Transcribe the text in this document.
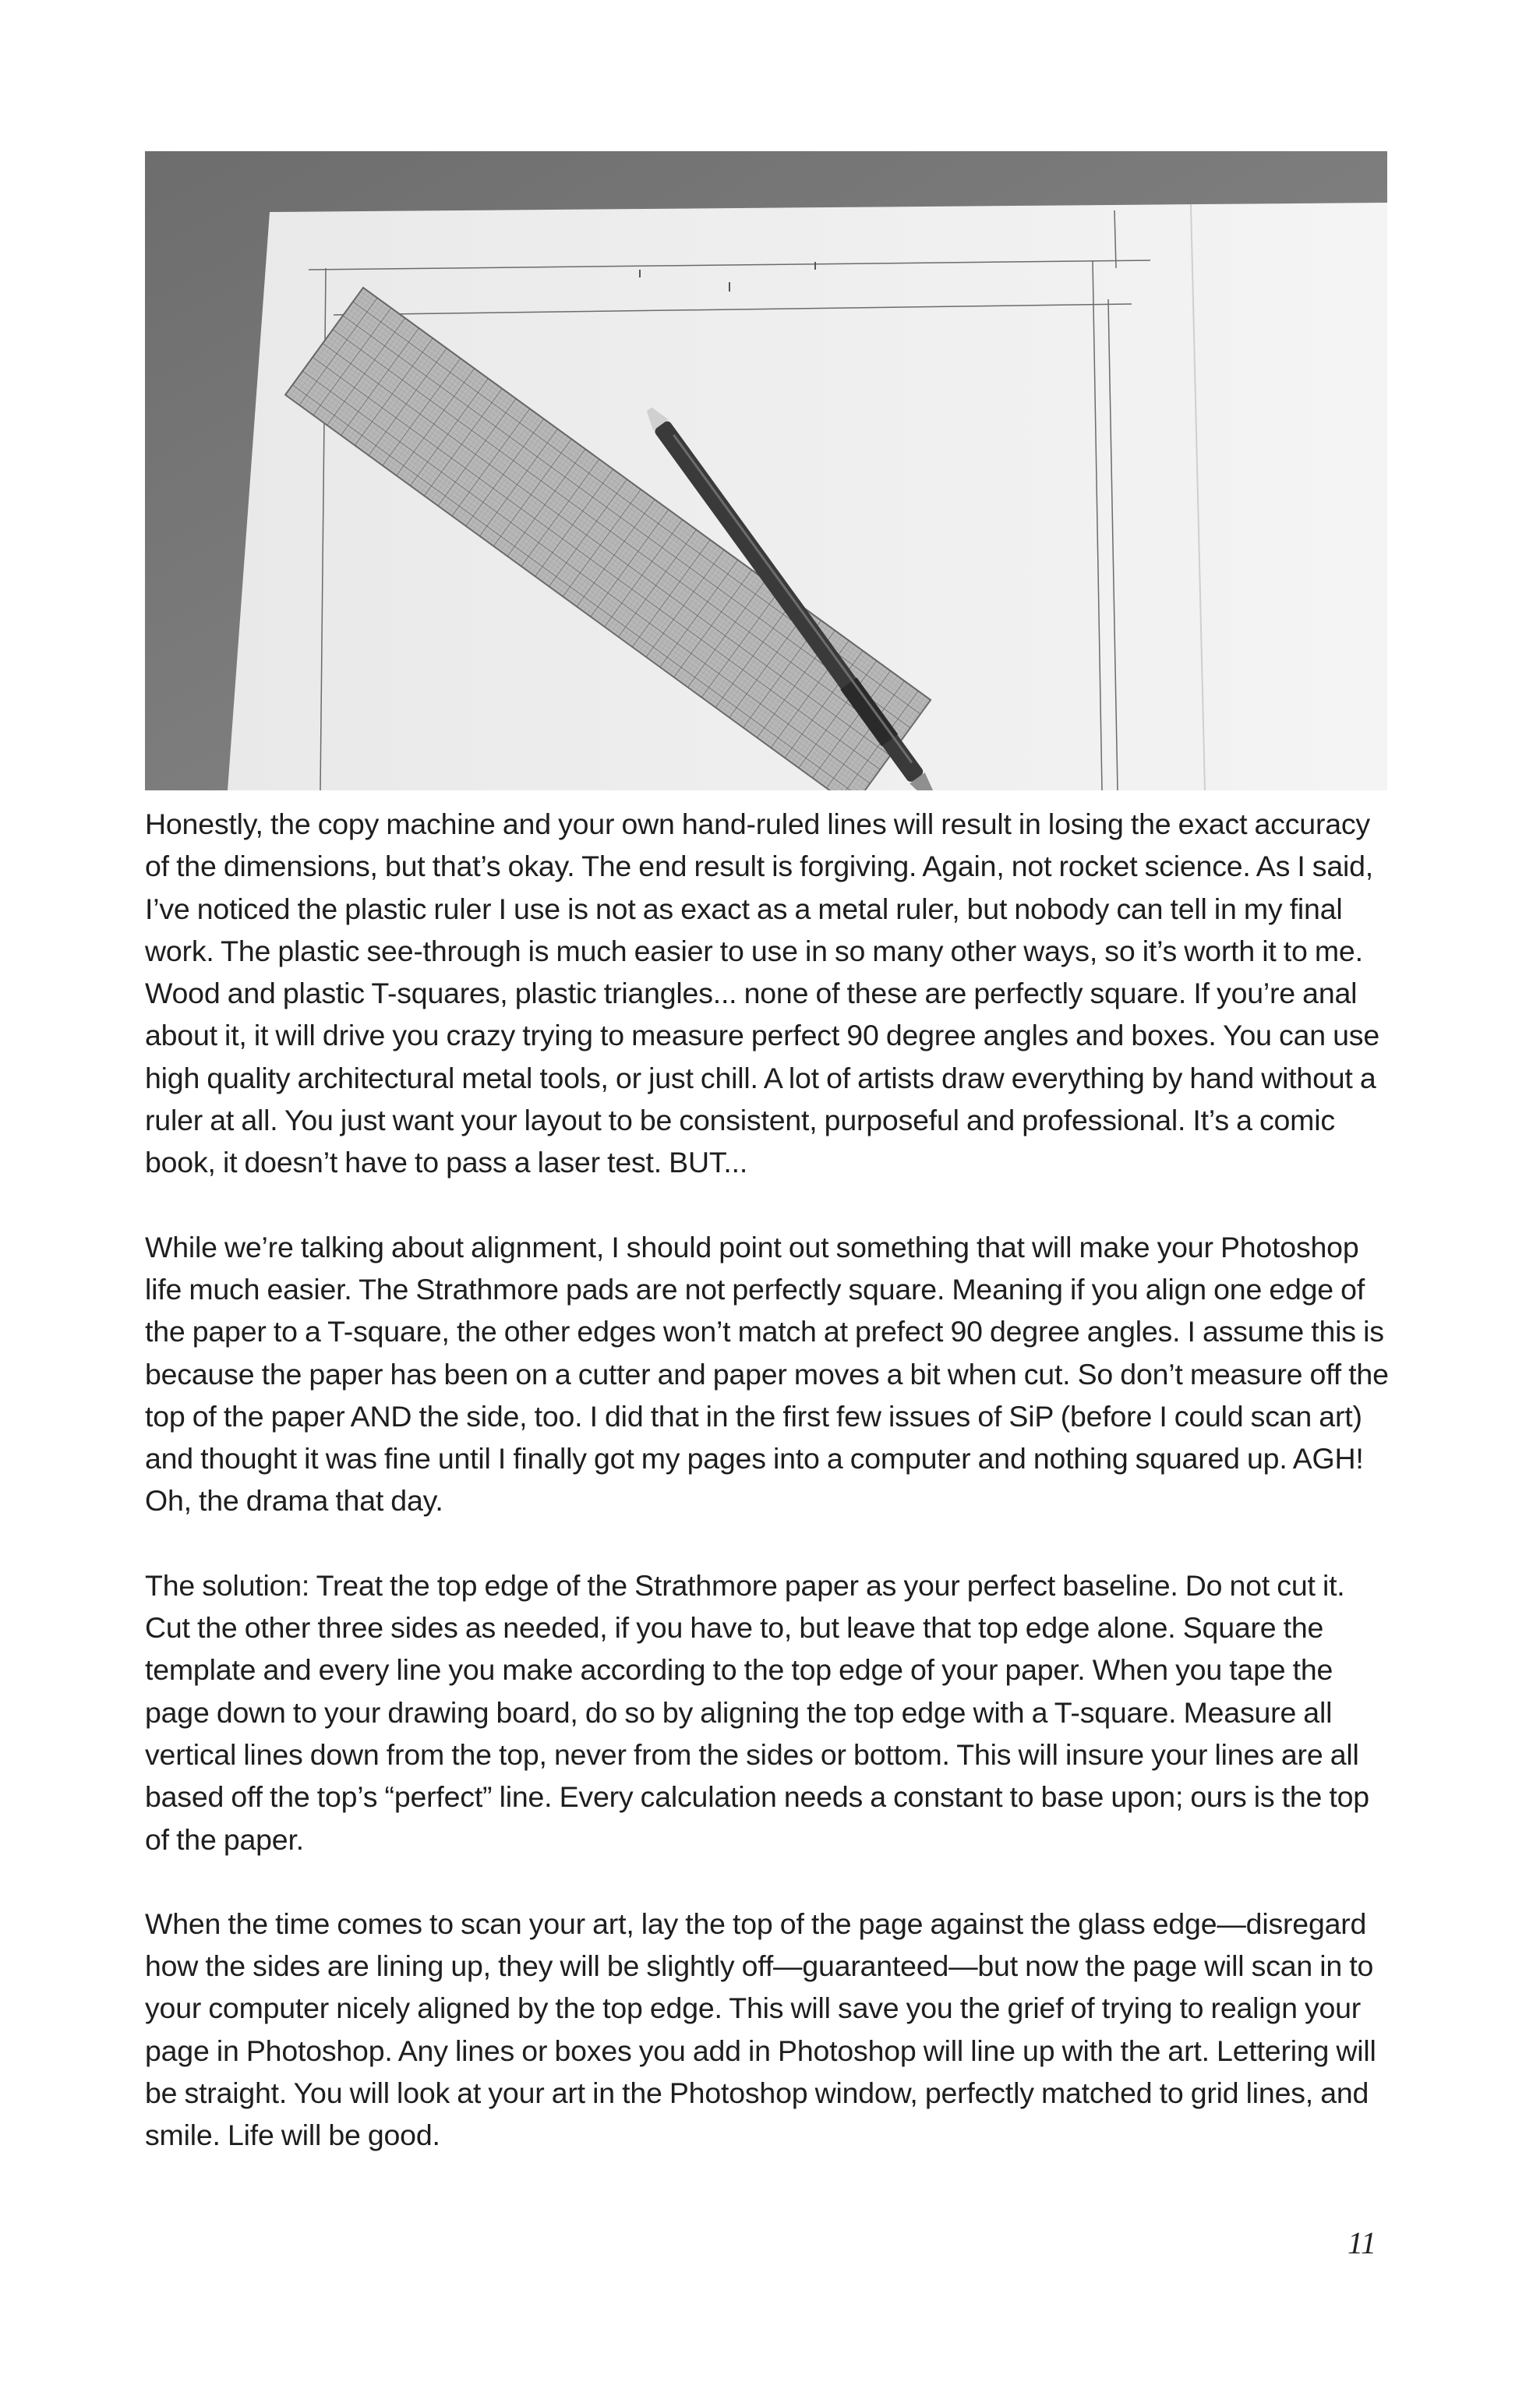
Honestly, the copy machine and your own hand-ruled lines will result in losing the exact accuracy of the dimensions, but that’s okay. The end result is forgiving. Again, not rocket science. As I said, I’ve noticed the plastic ruler I use is not as exact as a metal ruler, but nobody can tell in my final work. The plastic see-through is much easier to use in so many other ways, so it’s worth it to me. Wood and plastic T-squares, plastic triangles... none of these are perfectly square. If you’re anal about it, it will drive you crazy trying to measure perfect 90 degree angles and boxes. You can use high quality architectural metal tools, or just chill. A lot of artists draw everything by hand without a ruler at all. You just want your layout to be consistent, purposeful and professional. It’s a comic book, it doesn’t have to pass a laser test. BUT...

While we’re talking about alignment, I should point out something that will make your Photoshop life much easier. The Strathmore pads are not perfectly square. Meaning if you align one edge of the paper to a T-square, the other edges won’t match at prefect 90 degree angles. I assume this is because the paper has been on a cutter and paper moves a bit when cut. So don’t measure off the top of the paper AND the side, too. I did that in the first few issues of SiP (before I could scan art) and thought it was fine until I finally got my pages into a computer and nothing squared up. AGH! Oh, the drama that day.

The solution: Treat the top edge of the Strathmore paper as your perfect baseline. Do not cut it. Cut the other three sides as needed, if you have to, but leave that top edge alone. Square the template and every line you make according to the top edge of your paper. When you tape the page down to your drawing board, do so by aligning the top edge with a T-square. Measure all vertical lines down from the top, never from the sides or bottom. This will insure your lines are all based off the top’s “perfect” line. Every calculation needs a constant to base upon; ours is the top of the paper.

When the time comes to scan your art, lay the top of the page against the glass edge—disregard how the sides are lining up, they will be slightly off—guaranteed—but now the page will scan in to your computer nicely aligned by the top edge. This will save you the grief of trying to realign your page in Photoshop. Any lines or boxes you add in Photoshop will line up with the art. Lettering will be straight. You will look at your art in the Photoshop window, perfectly matched to grid lines, and smile. Life will be good.

11
